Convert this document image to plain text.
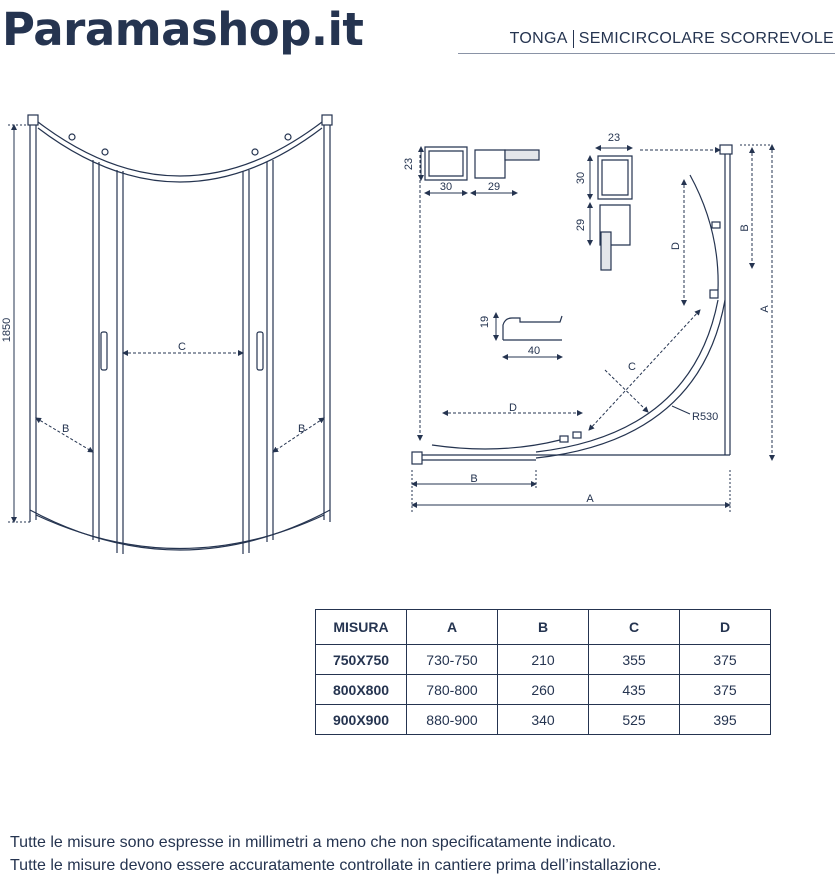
Paramashop.it	TONGA SEMICIRCOLARE SCORREVOLE
1850
C
B	B
23
30	29
23
30
29
19
40
D
B
A
D
B
A
C
R530
MISURA	A	B	C	D
750X750	730-750	210	355	375
800X800	780-800	260	435	375
900X900	880-900	340	525	395
Tutte le misure sono espresse in millimetri a meno che non specificatamente indicato.
Tutte le misure devono essere accuratamente controllate in cantiere prima dell’installazione.
